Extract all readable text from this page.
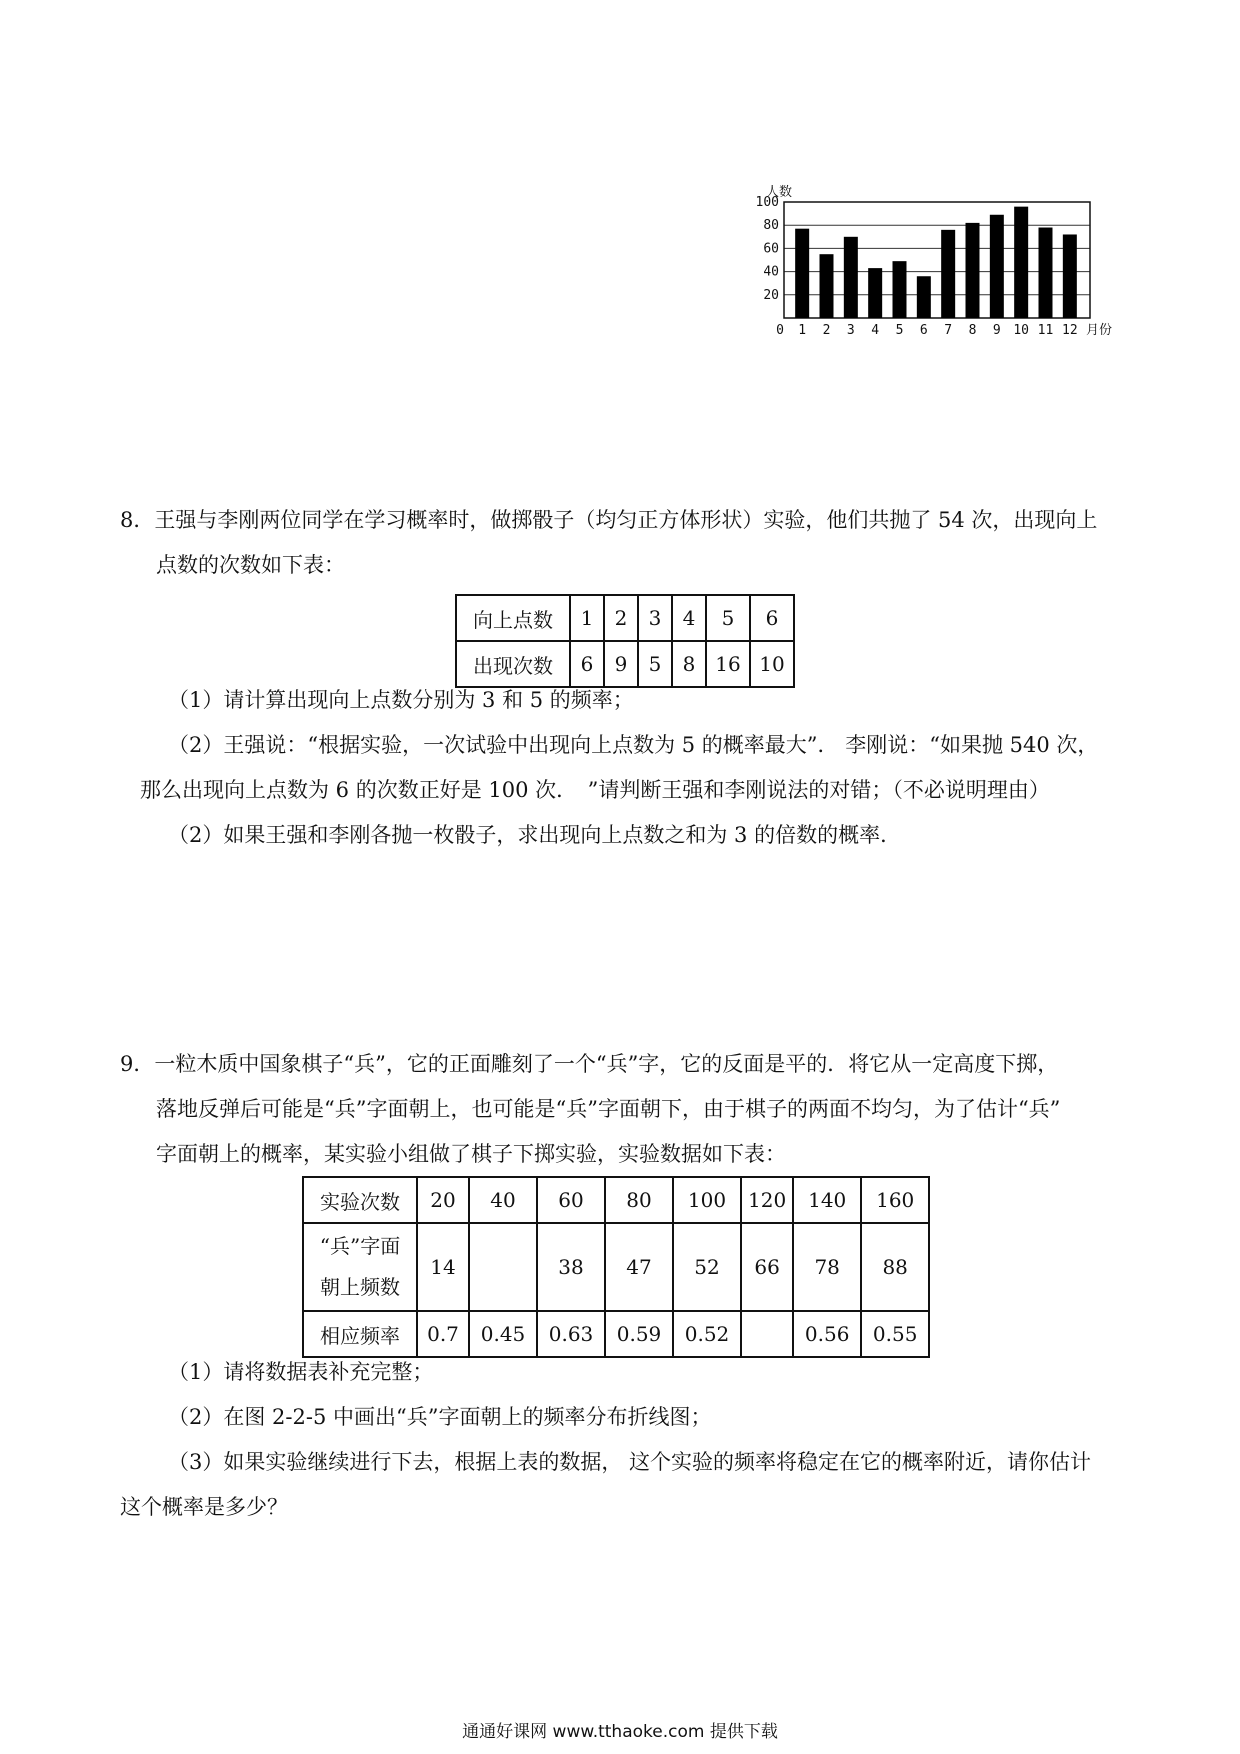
20
40
60
80
100
人数
0 1 2 3 4 5 6 7 8 9 10 11 12 月份

8．王强与李刚两位同学在学习概率时，做掷骰子（均匀正方体形状）实验，他们共抛了 54 次，出现向上

点数的次数如下表：

向上点数	1	2	3	4	5	6
出现次数	6	9	5	8	16	10

（1）请计算出现向上点数分别为 3 和 5 的频率；

（2）王强说：“根据实验，一次试验中出现向上点数为 5 的概率最大”． 李刚说：“如果抛 540 次，

那么出现向上点数为 6 的次数正好是 100 次．　”请判断王强和李刚说法的对错；（不必说明理由）

（2）如果王强和李刚各抛一枚骰子，求出现向上点数之和为 3 的倍数的概率．

9．一粒木质中国象棋子“兵”，它的正面雕刻了一个“兵”字，它的反面是平的．将它从一定高度下掷，

落地反弹后可能是“兵”字面朝上，也可能是“兵”字面朝下，由于棋子的两面不均匀，为了估计“兵”

字面朝上的概率，某实验小组做了棋子下掷实验，实验数据如下表：

实验次数	20	40	60	80	100	120	140	160
“兵”字面
朝上频数	14		38	47	52	66	78	88
相应频率	0.7	0.45	0.63	0.59	0.52		0.56	0.55

（1）请将数据表补充完整；

（2）在图 2-2-5 中画出“兵”字面朝上的频率分布折线图；

（3）如果实验继续进行下去，根据上表的数据， 这个实验的频率将稳定在它的概率附近，请你估计

这个概率是多少？

通通好课网 www.tthaoke.com 提供下载
